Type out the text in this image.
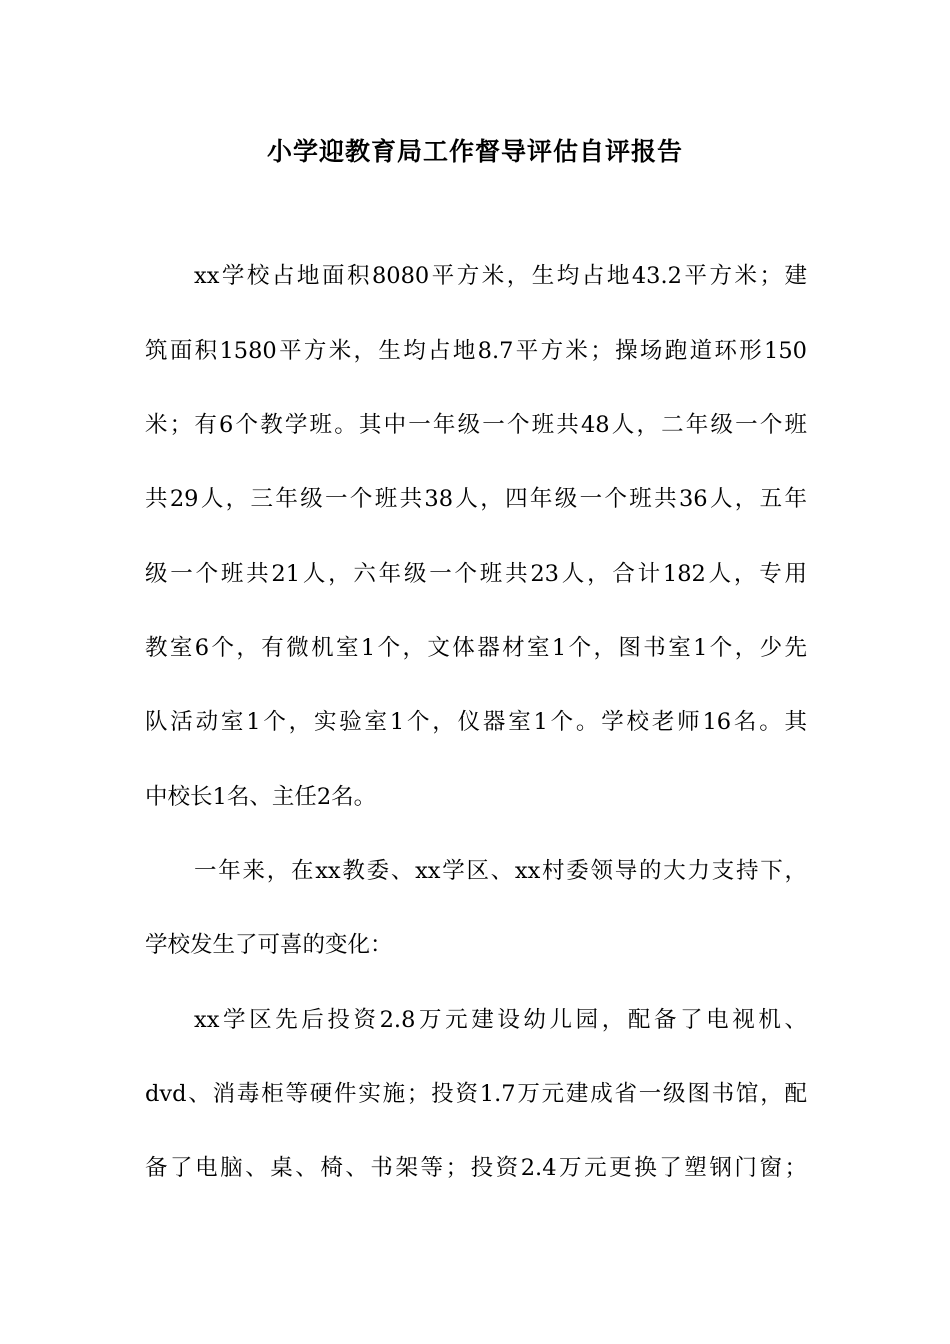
小学迎教育局工作督导评估自评报告
xx学校占地面积8080平方米，生均占地43.2平方米；建
筑面积1580平方米，生均占地8.7平方米；操场跑道环形150
米；有6个教学班。其中一年级一个班共48人，二年级一个班
共29人，三年级一个班共38人，四年级一个班共36人，五年
级一个班共21人，六年级一个班共23人，合计182人，专用
教室6个，有微机室1个，文体器材室1个，图书室1个，少先
队活动室1个，实验室1个，仪器室1个。学校老师16名。其
中校长1名、主任2名。
一年来，在xx教委、xx学区、xx村委领导的大力支持下，
学校发生了可喜的变化：
xx学区先后投资2.8万元建设幼儿园，配备了电视机、
dvd、消毒柜等硬件实施；投资1.7万元建成省一级图书馆，配
备了电脑、桌、椅、书架等；投资2.4万元更换了塑钢门窗；
